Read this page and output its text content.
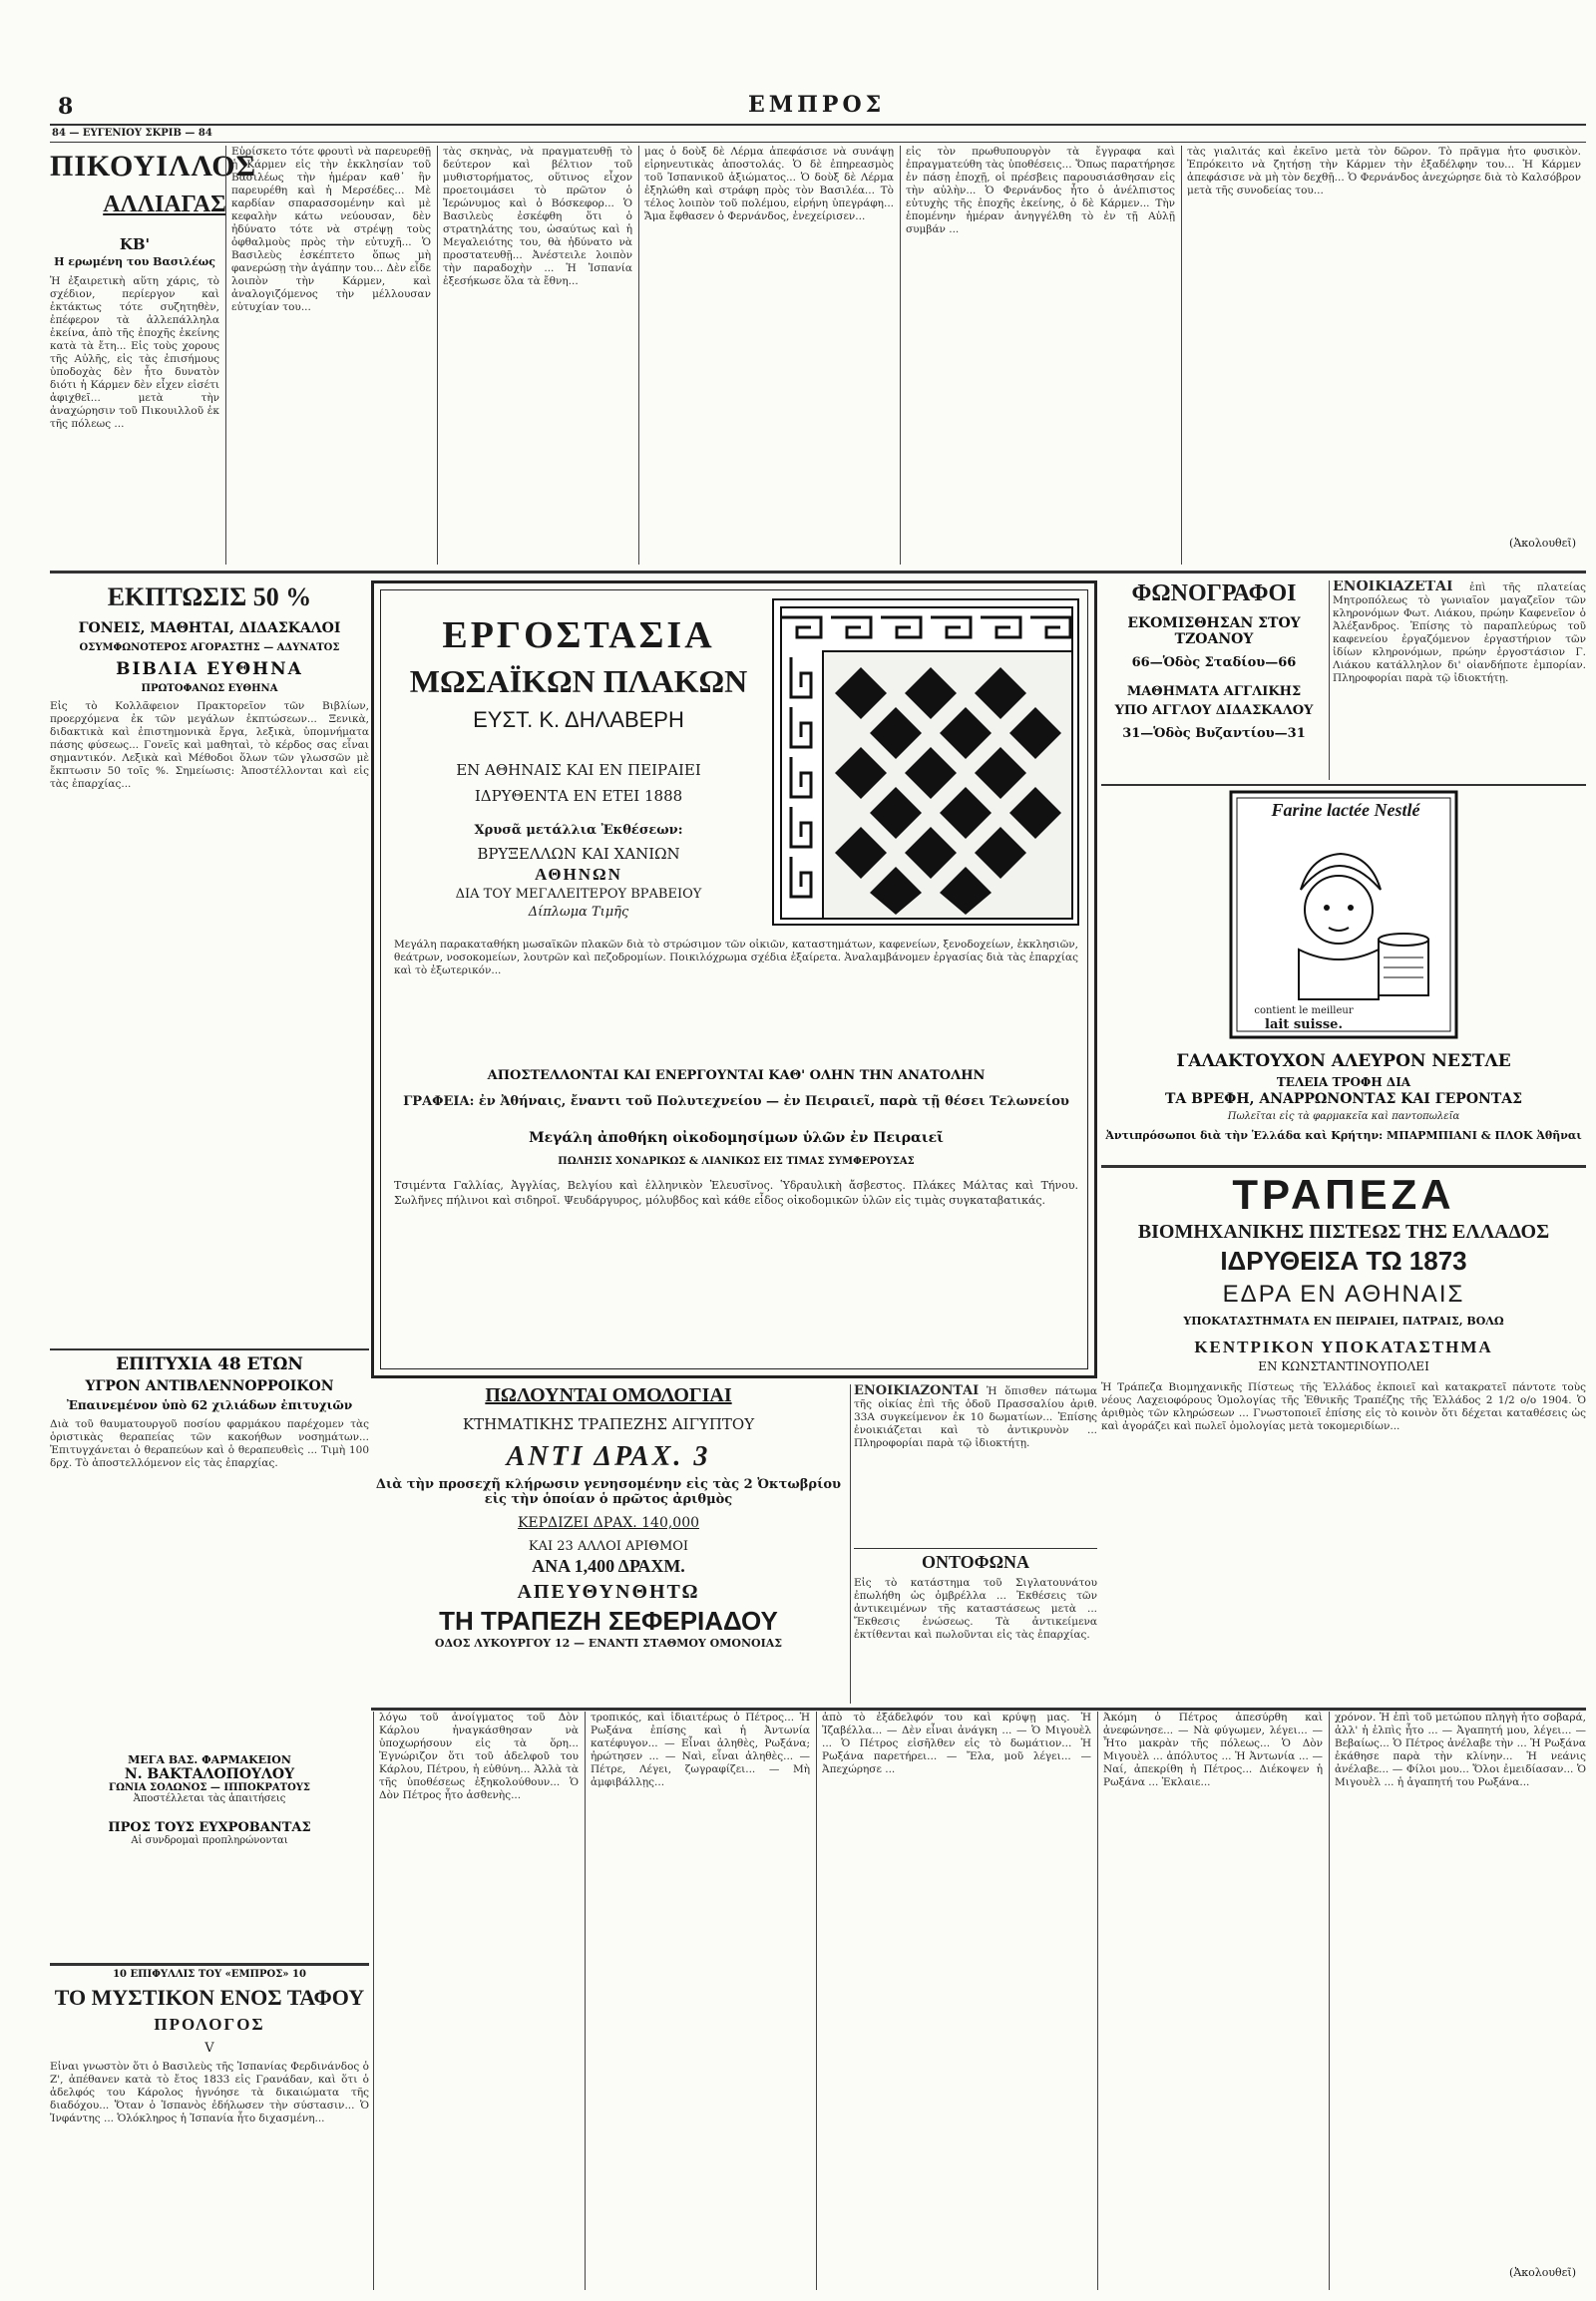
8	ΕΜΠΡΟΣ
84 — ΕΥΓΕΝΙΟΥ ΣΚΡΙΒ — 84
ΠΙΚΟΥΙΛΛΟΣ
ΑΛΛΙΑΓΑΣ
ΚΒ'
Η ερωμένη του Βασιλέως
Ἡ ἐξαιρετικὴ αὕτη χάρις, τὸ σχέδιον, περίεργον καὶ ἐκτάκτως τότε συζητηθὲν, ἐπέφερον τὰ ἀλλεπάλληλα ἐκείνα, ἀπὸ τῆς ἐποχῆς ἐκείνης κατὰ τὰ ἔτη... Εἰς τοὺς χορους τῆς Αὐλῆς, εἰς τὰς ἐπισήμους ὑποδοχὰς δὲν ἦτο δυνατὸν διότι ἡ Κάρμεν δὲν εἶχεν εἰσέτι ἀφιχθεῖ... μετὰ τὴν ἀναχώρησιν τοῦ Πικουιλλοῦ ἐκ τῆς πόλεως ...
Εὑρίσκετο τότε φρουτὶ νὰ παρευρεθῇ ἡ Κάρμεν εἰς τὴν ἐκκλησίαν τοῦ Βασιλέως τὴν ἡμέραν καθ᾽ ἣν παρευρέθη καὶ ἡ Μερσέδες... Μὲ καρδίαν σπαρασσομένην καὶ μὲ κεφαλὴν κάτω νεύουσαν, δὲν ἠδύνατο τότε νὰ στρέψῃ τοὺς ὀφθαλμοὺς πρὸς τὴν εὐτυχῆ... Ὁ Βασιλεὺς ἐσκέπτετο ὅπως μὴ φανερώσῃ τὴν ἀγάπην του... Δὲν εἶδε λοιπὸν τὴν Κάρμεν, καὶ ἀναλογιζόμενος τὴν μέλλουσαν εὐτυχίαν του...
τὰς σκηνὰς, νὰ πραγματευθῇ τὸ δεύτερον καὶ βέλτιον τοῦ μυθιστορήματος, οὕτινος εἶχον προετοιμάσει τὸ πρῶτον ὁ Ἰερώνυμος καὶ ὁ Βόσκεφορ... Ὁ Βασιλεὺς ἐσκέφθη ὅτι ὁ στρατηλάτης του, ὡσαύτως καὶ ἡ Μεγαλειότης του, θὰ ἠδύνατο νὰ προστατευθῇ... Ἀνέστειλε λοιπὸν τὴν παραδοχὴν ... Ἡ Ἰσπανία ἐξεσήκωσε ὅλα τὰ ἔθνη...
μας ὁ δοὺξ δὲ Λέρμα ἀπεφάσισε νὰ συνάψῃ εἰρηνευτικὰς ἀποστολάς. Ὁ δὲ ἐπηρεασμὸς τοῦ Ἰσπανικοῦ ἀξιώματος... Ὁ δοὺξ δὲ Λέρμα ἐξηλώθη καὶ στράφη πρὸς τὸν Βασιλέα... Τὸ τέλος λοιπὸν τοῦ πολέμου, εἰρήνη ὑπεγράφη... Ἄμα ἔφθασεν ὁ Φερνάνδος, ἐνεχείρισεν...
εἰς τὸν πρωθυπουργὸν τὰ ἔγγραφα καὶ ἐπραγματεύθη τὰς ὑποθέσεις... Ὅπως παρατήρησε ἐν πάσῃ ἐποχῇ, οἱ πρέσβεις παρουσιάσθησαν εἰς τὴν αὐλὴν... Ὁ Φερνάνδος ἦτο ὁ ἀνέλπιστος εὐτυχὴς τῆς ἐποχῆς ἐκείνης, ὁ δὲ Κάρμεν... Τὴν ἑπομένην ἡμέραν ἀνηγγέλθη τὸ ἐν τῇ Αὐλῇ συμβάν ...
τὰς γιαλιτάς καὶ ἐκεῖνο μετὰ τὸν δῶρον. Τὸ πρᾶγμα ἦτο φυσικὸν. Ἐπρόκειτο νὰ ζητήσῃ τὴν Κάρμεν τὴν ἐξαδέλφην του... Ἡ Κάρμεν ἀπεφάσισε νὰ μὴ τὸν δεχθῇ... Ὁ Φερνάνδος ἀνεχώρησε διὰ τὸ Καλσόβρον μετὰ τῆς συνοδείας του...
(Ἀκολουθεῖ)
ΕΚΠΤΩΣΙΣ 50 %
ΓΟΝΕΙΣ, ΜΑΘΗΤΑΙ, ΔΙΔΑΣΚΑΛΟΙ
ΟΣΥΜΦΩΝΟΤΕΡΟΣ ΑΓΟΡΑΣΤΗΣ — ΑΔΥΝΑΤΟΣ
ΒΙΒΛΙΑ ΕΥΘΗΝΑ
ΠΡΩΤΟΦΑΝΩΣ ΕΥΘΗΝΑ
Εἰς τὸ Κολλᾶφειον Πρακτορεῖον τῶν Βιβλίων, προερχόμενα ἐκ τῶν μεγάλων ἐκπτώσεων... Ξενικὰ, διδακτικὰ καὶ ἐπιστημονικὰ ἔργα, λεξικὰ, ὑπομνήματα πάσης φύσεως... Γονεῖς καὶ μαθηταὶ, τὸ κέρδος σας εἶναι σημαντικόν. Λεξικὰ καὶ Μέθοδοι ὅλων τῶν γλωσσῶν μὲ ἔκπτωσιν 50 τοῖς %. Σημείωσις: Ἀποστέλλονται καὶ εἰς τὰς ἐπαρχίας...
ΕΠΙΤΥΧΙΑ 48 ΕΤΩΝ
ΥΓΡΟΝ ΑΝΤΙΒΛΕΝΝΟΡΡΟΙΚΟΝ
Ἐπαινεμένον ὑπὸ 62 χιλιάδων ἐπιτυχιῶν
Διὰ τοῦ θαυματουργοῦ ποσίου φαρμάκου παρέχομεν τὰς ὁριστικὰς θεραπείας τῶν κακοήθων νοσημάτων... Ἐπιτυγχάνεται ὁ θεραπεύων καὶ ὁ θεραπευθεὶς ... Τιμὴ 100 δρχ. Τὸ ἀποστελλόμενον εἰς τὰς ἐπαρχίας.
ΜΕΓΑ ΒΑΣ. ΦΑΡΜΑΚΕΙΟΝ
Ν. ΒΑΚΤΑΛΟΠΟΥΛΟΥ
ΓΩΝΙΑ ΣΟΛΩΝΟΣ — ΙΠΠΟΚΡΑΤΟΥΣ
Ἀποστέλλεται τὰς ἀπαιτήσεις
ΠΡΟΣ ΤΟΥΣ ΕΥΧΡΟΒΑΝΤΑΣ
Αἱ συνδρομαὶ προπληρώνονται
ΕΡΓΟΣΤΑΣΙΑ
ΜΩΣΑΪΚΩΝ ΠΛΑΚΩΝ
ΕΥΣΤ. Κ. ΔΗΛΑΒΕΡΗ
ΕΝ ΑΘΗΝΑΙΣ ΚΑΙ ΕΝ ΠΕΙΡΑΙΕΙ
ΙΔΡΥΘΕΝΤΑ ΕΝ ΕΤΕΙ 1888
Χρυσᾶ μετάλλια Ἐκθέσεων:
ΒΡΥΞΕΛΛΩΝ ΚΑΙ ΧΑΝΙΩΝ
ΑΘΗΝΩΝ
ΔΙΑ ΤΟΥ ΜΕΓΑΛΕΙΤΕΡΟΥ ΒΡΑΒΕΙΟΥ
Δίπλωμα Τιμῆς
Μεγάλη παρακαταθήκη μωσαϊκῶν πλακῶν διὰ τὸ στρώσιμον τῶν οἰκιῶν, καταστημάτων, καφενείων, ξενοδοχείων, ἐκκλησιῶν, θεάτρων, νοσοκομείων, λουτρῶν καὶ πεζοδρομίων. Ποικιλόχρωμα σχέδια ἐξαίρετα. Ἀναλαμβάνομεν ἐργασίας διὰ τὰς ἐπαρχίας καὶ τὸ ἐξωτερικόν...
ΑΠΟΣΤΕΛΛΟΝΤΑΙ ΚΑΙ ΕΝΕΡΓΟΥΝΤΑΙ ΚΑΘ' ΟΛΗΝ ΤΗΝ ΑΝΑΤΟΛΗΝ
ΓΡΑΦΕΙΑ: ἐν Ἀθήναις, ἔναντι τοῦ Πολυτεχνείου — ἐν Πειραιεῖ, παρὰ τῇ θέσει Τελωνείου
Μεγάλη ἀποθήκη οἰκοδομησίμων ὑλῶν ἐν Πειραιεῖ
ΠΩΛΗΣΙΣ ΧΟΝΔΡΙΚΩΣ & ΛΙΑΝΙΚΩΣ ΕΙΣ ΤΙΜΑΣ ΣΥΜΦΕΡΟΥΣΑΣ
Τσιμέντα Γαλλίας, Ἀγγλίας, Βελγίου καὶ ἑλληνικὸν Ἐλευσῖνος. Ὑδραυλικὴ ἄσβεστος. Πλάκες Μάλτας καὶ Τήνου. Σωλῆνες πήλινοι καὶ σιδηροῖ. Ψευδάργυρος, μόλυβδος καὶ κάθε εἶδος οἰκοδομικῶν ὑλῶν εἰς τιμὰς συγκαταβατικάς.
ΦΩΝΟΓΡΑΦΟΙ
ΕΚΟΜΙΣΘΗΣΑΝ ΣΤΟΥ ΤΖΟΑΝΟΥ
66—Ὁδὸς Σταδίου—66
ΜΑΘΗΜΑΤΑ ΑΓΓΛΙΚΗΣ
ΥΠΟ ΑΓΓΛΟΥ ΔΙΔΑΣΚΑΛΟΥ
31—Ὁδὸς Βυζαντίου—31
ΕΝΟΙΚΙΑΖΕΤΑΙ ἐπὶ τῆς πλατείας Μητροπόλεως τὸ γωνιαῖον μαγαζεῖον τῶν κληρονόμων Φωτ. Λιάκου, πρώην Καφενεῖον ὁ Ἀλέξανδρος. Ἐπίσης τὸ παραπλεύρως τοῦ καφενείου ἐργαζόμενον ἐργαστήριον τῶν ἰδίων κληρονόμων, πρώην ἐργοστάσιον Γ. Λιάκου κατάλληλον δι' οἱανδήποτε ἐμπορίαν. Πληροφορίαι παρὰ τῷ ἰδιοκτήτῃ.
Farine lactée Nestlé
contient le meilleur
lait suisse.
ΓΑΛΑΚΤΟΥΧΟΝ ΑΛΕΥΡΟΝ ΝΕΣΤΛΕ
ΤΕΛΕΙΑ ΤΡΟΦΗ ΔΙΑ
ΤΑ ΒΡΕΦΗ, ΑΝΑΡΡΩΝΟΝΤΑΣ ΚΑΙ ΓΕΡΟΝΤΑΣ
Πωλεῖται εἰς τὰ φαρμακεῖα καὶ παντοπωλεῖα
Ἀντιπρόσωποι διὰ τὴν Ἑλλάδα καὶ Κρήτην: ΜΠΑΡΜΠΙΑΝΙ & ΠΛΟΚ Ἀθῆναι
ΤΡΑΠΕΖΑ
ΒΙΟΜΗΧΑΝΙΚΗΣ ΠΙΣΤΕΩΣ ΤΗΣ ΕΛΛΑΔΟΣ
ΙΔΡΥΘΕΙΣΑ ΤΩ 1873
ΕΔΡΑ ΕΝ ΑΘΗΝΑΙΣ
ΥΠΟΚΑΤΑΣΤΗΜΑΤΑ ΕΝ ΠΕΙΡΑΙΕΙ, ΠΑΤΡΑΙΣ, ΒΟΛΩ
ΚΕΝΤΡΙΚΟΝ ΥΠΟΚΑΤΑΣΤΗΜΑ
ΕΝ ΚΩΝΣΤΑΝΤΙΝΟΥΠΟΛΕΙ
Ἡ Τράπεζα Βιομηχανικῆς Πίστεως τῆς Ἑλλάδος ἐκποιεῖ καὶ κατακρατεῖ πάντοτε τοὺς νέους Λαχειοφόρους Ὁμολογίας τῆς Ἐθνικῆς Τραπέζης τῆς Ἑλλάδος 2 1/2 ο/ο 1904. Ὁ ἀριθμὸς τῶν κληρώσεων ... Γνωστοποιεῖ ἐπίσης εἰς τὸ κοινὸν ὅτι δέχεται καταθέσεις ὡς καὶ ἀγοράζει καὶ πωλεῖ ὁμολογίας μετὰ τοκομεριδίων...
ΠΩΛΟΥΝΤΑΙ ΟΜΟΛΟΓΙΑΙ
ΚΤΗΜΑΤΙΚΗΣ ΤΡΑΠΕΖΗΣ ΑΙΓΥΠΤΟΥ
ΑΝΤΙ ΔΡΑΧ. 3
Διὰ τὴν προσεχῆ κλήρωσιν γενησομένην εἰς τὰς 2 Ὀκτωβρίου εἰς τὴν ὁποίαν ὁ πρῶτος ἀριθμὸς
ΚΕΡΔΙΖΕΙ ΔΡΑΧ. 140,000
ΚΑΙ 23 ΑΛΛΟΙ ΑΡΙΘΜΟΙ
ΑΝΑ 1,400 ΔΡΑΧΜ.
ΑΠΕΥΘΥΝΘΗΤΩ
ΤΗ ΤΡΑΠΕΖΗ ΣΕΦΕΡΙΑΔΟΥ
ΟΔΟΣ ΛΥΚΟΥΡΓΟΥ 12 — ΕΝΑΝΤΙ ΣΤΑΘΜΟΥ ΟΜΟΝΟΙΑΣ
ΕΝΟΙΚΙΑΖΟΝΤΑΙ Ἡ ὅπισθεν πάτωμα τῆς οἰκίας ἐπὶ τῆς ὁδοῦ Πρασσαλίου ἀριθ. 33Α συγκείμενον ἐκ 10 δωματίων... Ἐπίσης ἐνοικιάζεται καὶ τὸ ἀντικρυνὸν ... Πληροφορίαι παρὰ τῷ ἰδιοκτήτῃ.
ΟΝΤΟΦΩΝΑ
Εἰς τὸ κατάστημα τοῦ Σιγλατουνάτου ἐπωλήθη ὡς ὀμβρέλλα ... Ἐκθέσεις τῶν ἀντικειμένων τῆς καταστάσεως μετὰ ... Ἔκθεσις ἑνώσεως. Τὰ ἀντικείμενα ἐκτίθενται καὶ πωλοῦνται εἰς τὰς ἐπαρχίας.
10 ΕΠΙΦΥΛΛΙΣ ΤΟΥ «ΕΜΠΡΟΣ» 10
ΤΟ ΜΥΣΤΙΚΟΝ ΕΝΟΣ ΤΑΦΟΥ
ΠΡΟΛΟΓΟΣ
V
Εἶναι γνωστὸν ὅτι ὁ Βασιλεὺς τῆς Ἰσπανίας Φερδινάνδος ὁ Ζ', ἀπέθανεν κατὰ τὸ ἔτος 1833 εἰς Γρανάδαν, καὶ ὅτι ὁ ἀδελφός του Κάρολος ἠγνόησε τὰ δικαιώματα τῆς διαδόχου... Ὅταν ὁ Ἰσπανὸς ἐδήλωσεν τὴν σύστασιν... Ὁ Ἰνφάντης ... Ὁλόκληρος ἡ Ἰσπανία ἦτο διχασμένη...
λόγω τοῦ ἀνοίγματος τοῦ Δὸν Κάρλου ἠναγκάσθησαν νὰ ὑποχωρήσουν εἰς τὰ ὅρη... Ἐγνώριζον ὅτι τοῦ ἀδελφοῦ του Κάρλου, Πέτρου, ἡ εὐθύνη... Ἀλλὰ τὰ τῆς ὑποθέσεως ἐξηκολούθουν... Ὁ Δὸν Πέτρος ἦτο ἀσθενὴς...
τροπικός, καὶ ἰδιαιτέρως ὁ Πέτρος... Ἡ Ρωξάνα ἐπίσης καὶ ἡ Ἀντωνία κατέφυγον... — Εἶναι ἀληθὲς, Ρωξάνα; ἠρώτησεν ... — Ναὶ, εἶναι ἀληθὲς... — Πέτρε, Λέγει, ζωγραφίζει... — Μὴ ἀμφιβάλλῃς...
ἀπὸ τὸ ἐξάδελφόν του καὶ κρύψῃ μας. Ἡ Ἰζαβέλλα... — Δὲν εἶναι ἀνάγκη ... — Ὁ Μιγουὲλ ... Ὁ Πέτρος εἰσῆλθεν εἰς τὸ δωμάτιον... Ἡ Ρωξάνα παρετήρει... — Ἔλα, μοῦ λέγει... — Ἀπεχώρησε ...
Ἀκόμη ὁ Πέτρος ἀπεσύρθη καὶ ἀνεφώνησε... — Νὰ φύγωμεν, λέγει... — Ἦτο μακρὰν τῆς πόλεως... Ὁ Δὸν Μιγουὲλ ... ἀπόλυτος ... Ἡ Ἀντωνία ... — Ναί, ἀπεκρίθη ἡ Πέτρος... Διέκοψεν ἡ Ρωξάνα ... Ἐκλαιε...
χρόνον. Ἡ ἐπὶ τοῦ μετώπου πληγὴ ἦτο σοβαρά, ἀλλ' ἡ ἐλπὶς ἦτο ... — Ἀγαπητή μου, λέγει... — Βεβαίως... Ὁ Πέτρος ἀνέλαβε τὴν ... Ἡ Ρωξάνα ἐκάθησε παρὰ τὴν κλίνην... Ἡ νεάνις ἀνέλαβε... — Φίλοι μου... Ὅλοι ἐμειδίασαν... Ὁ Μιγουὲλ ... ἡ ἀγαπητή του Ρωξάνα...
(Ἀκολουθεῖ)
